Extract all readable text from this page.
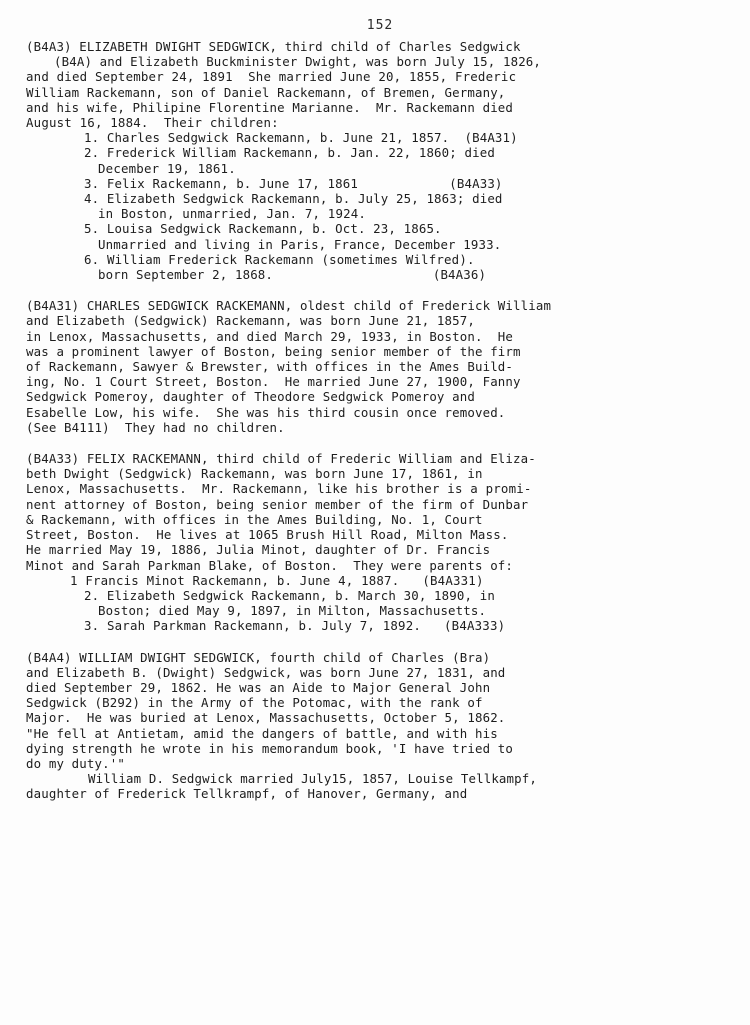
152
(B4A3) ELIZABETH DWIGHT SEDGWICK, third child of Charles Sedgwick
(B4A) and Elizabeth Buckminister Dwight, was born July 15, 1826,
and died September 24, 1891  She married June 20, 1855, Frederic
William Rackemann, son of Daniel Rackemann, of Bremen, Germany,
and his wife, Philipine Florentine Marianne.  Mr. Rackemann died
August 16, 1884.  Their children:
1. Charles Sedgwick Rackemann, b. June 21, 1857.  (B4A31)
2. Frederick William Rackemann, b. Jan. 22, 1860; died
December 19, 1861.
3. Felix Rackemann, b. June 17, 1861            (B4A33)
4. Elizabeth Sedgwick Rackemann, b. July 25, 1863; died
in Boston, unmarried, Jan. 7, 1924.
5. Louisa Sedgwick Rackemann, b. Oct. 23, 1865.
Unmarried and living in Paris, France, December 1933.
6. William Frederick Rackemann (sometimes Wilfred).
born September 2, 1868.                     (B4A36)
(B4A31) CHARLES SEDGWICK RACKEMANN, oldest child of Frederick William
and Elizabeth (Sedgwick) Rackemann, was born June 21, 1857,
in Lenox, Massachusetts, and died March 29, 1933, in Boston.  He
was a prominent lawyer of Boston, being senior member of the firm
of Rackemann, Sawyer & Brewster, with offices in the Ames Build-
ing, No. 1 Court Street, Boston.  He married June 27, 1900, Fanny
Sedgwick Pomeroy, daughter of Theodore Sedgwick Pomeroy and
Esabelle Low, his wife.  She was his third cousin once removed.
(See B4111)  They had no children.
(B4A33) FELIX RACKEMANN, third child of Frederic William and Eliza-
beth Dwight (Sedgwick) Rackemann, was born June 17, 1861, in
Lenox, Massachusetts.  Mr. Rackemann, like his brother is a promi-
nent attorney of Boston, being senior member of the firm of Dunbar
& Rackemann, with offices in the Ames Building, No. 1, Court
Street, Boston.  He lives at 1065 Brush Hill Road, Milton Mass.
He married May 19, 1886, Julia Minot, daughter of Dr. Francis
Minot and Sarah Parkman Blake, of Boston.  They were parents of:
1 Francis Minot Rackemann, b. June 4, 1887.   (B4A331)
2. Elizabeth Sedgwick Rackemann, b. March 30, 1890, in
Boston; died May 9, 1897, in Milton, Massachusetts.
3. Sarah Parkman Rackemann, b. July 7, 1892.   (B4A333)
(B4A4) WILLIAM DWIGHT SEDGWICK, fourth child of Charles (Bra)
and Elizabeth B. (Dwight) Sedgwick, was born June 27, 1831, and
died September 29, 1862. He was an Aide to Major General John
Sedgwick (B292) in the Army of the Potomac, with the rank of
Major.  He was buried at Lenox, Massachusetts, October 5, 1862.
"He fell at Antietam, amid the dangers of battle, and with his
dying strength he wrote in his memorandum book, 'I have tried to
do my duty.'"
William D. Sedgwick married July15, 1857, Louise Tellkampf,
daughter of Frederick Tellkrampf, of Hanover, Germany, and
